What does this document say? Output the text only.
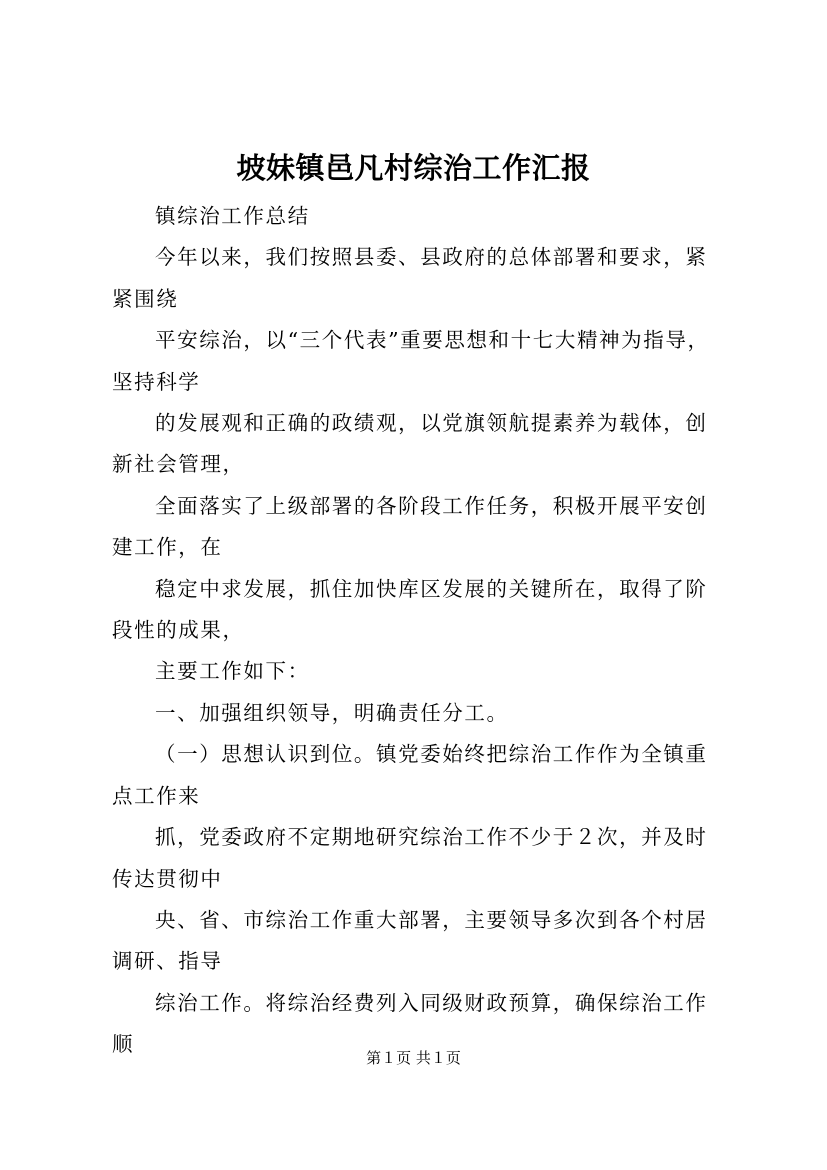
坡妹镇邑凡村综治工作汇报

镇综治工作总结

今年以来，我们按照县委、县政府的总体部署和要求，紧紧围绕

平安综治，以“三个代表”重要思想和十七大精神为指导，坚持科学

的发展观和正确的政绩观，以党旗领航提素养为载体，创新社会管理，

全面落实了上级部署的各阶段工作任务，积极开展平安创建工作，在

稳定中求发展，抓住加快库区发展的关键所在，取得了阶段性的成果，

主要工作如下：

一、加强组织领导，明确责任分工。

（一）思想认识到位。镇党委始终把综治工作作为全镇重点工作来

抓，党委政府不定期地研究综治工作不少于２次，并及时传达贯彻中

央、省、市综治工作重大部署，主要领导多次到各个村居调研、指导

综治工作。将综治经费列入同级财政预算，确保综治工作顺

第１页 共１页
